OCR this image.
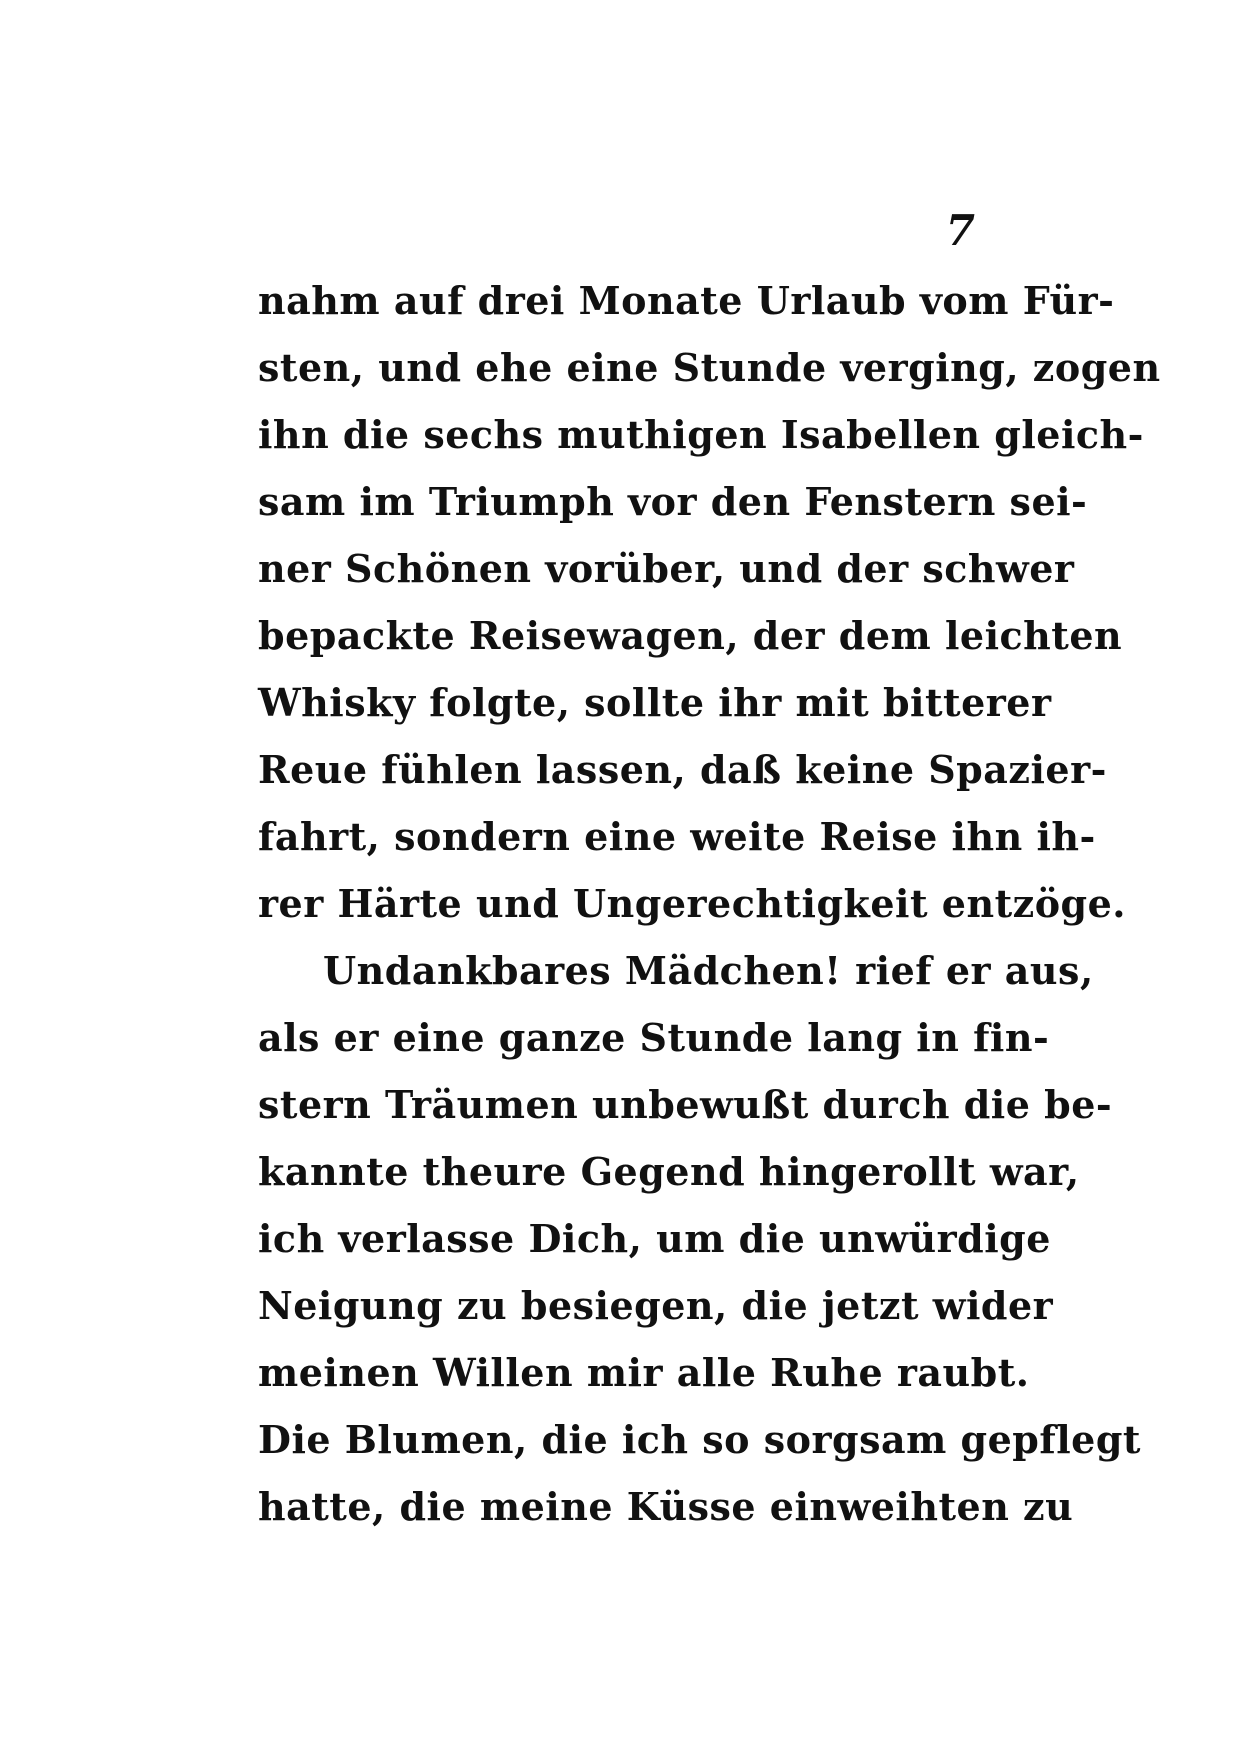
7
nahm auf drei Monate Urlaub vom Für-
sten, und ehe eine Stunde verging, zogen
ihn die sechs muthigen Isabellen gleich-
sam im Triumph vor den Fenstern sei-
ner Schönen vorüber, und der schwer
bepackte Reisewagen, der dem leichten
Whisky folgte, sollte ihr mit bitterer
Reue fühlen lassen, daß keine Spazier-
fahrt, sondern eine weite Reise ihn ih-
rer Härte und Ungerechtigkeit entzöge.
Undankbares Mädchen! rief er aus,
als er eine ganze Stunde lang in fin-
stern Träumen unbewußt durch die be-
kannte theure Gegend hingerollt war,
ich verlasse Dich, um die unwürdige
Neigung zu besiegen, die jetzt wider
meinen Willen mir alle Ruhe raubt.
Die Blumen, die ich so sorgsam gepflegt
hatte, die meine Küsse einweihten zu
